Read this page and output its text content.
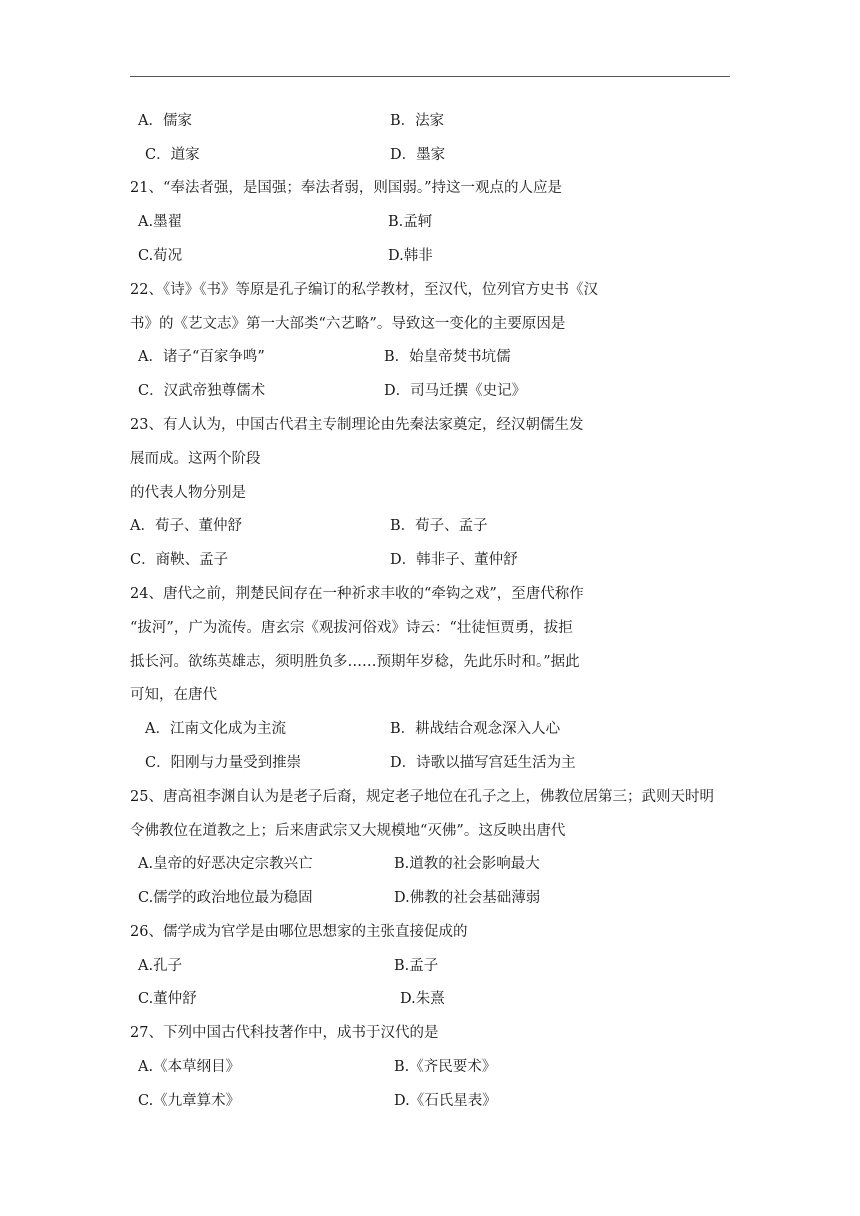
A．儒家	B．法家
C．道家	D．墨家
21、“奉法者强，是国强；奉法者弱，则国弱。”持这一观点的人应是
A.墨翟	B.孟轲
C.荀况	D.韩非
22、《诗》《书》等原是孔子编订的私学教材，至汉代，位列官方史书《汉
书》的《艺文志》第一大部类“六艺略”。导致这一变化的主要原因是
A．诸子“百家争鸣”	B．始皇帝焚书坑儒
C．汉武帝独尊儒术	D．司马迁撰《史记》
23、有人认为，中国古代君主专制理论由先秦法家奠定，经汉朝儒生发
展而成。这两个阶段
的代表人物分别是
A．荀子、董仲舒	B．荀子、孟子
C．商鞅、孟子	D．韩非子、董仲舒
24、唐代之前，荆楚民间存在一种祈求丰收的“牵钩之戏”，至唐代称作
“拔河”，广为流传。唐玄宗《观拔河俗戏》诗云：“壮徒恒贾勇，拔拒
抵长河。欲练英雄志，须明胜负多……预期年岁稔，先此乐时和。”据此
可知，在唐代
A．江南文化成为主流	B．耕战结合观念深入人心
C．阳刚与力量受到推崇	D．诗歌以描写宫廷生活为主
25、唐高祖李渊自认为是老子后裔，规定老子地位在孔子之上，佛教位居第三；武则天时明
令佛教位在道教之上；后来唐武宗又大规模地“灭佛”。这反映出唐代
A.皇帝的好恶决定宗教兴亡	B.道教的社会影响最大
C.儒学的政治地位最为稳固	D.佛教的社会基础薄弱
26、儒学成为官学是由哪位思想家的主张直接促成的
A.孔子	B.孟子
C.董仲舒	D.朱熹
27、下列中国古代科技著作中，成书于汉代的是
A.《本草纲目》	B.《齐民要术》
C.《九章算术》	D.《石氏星表》
